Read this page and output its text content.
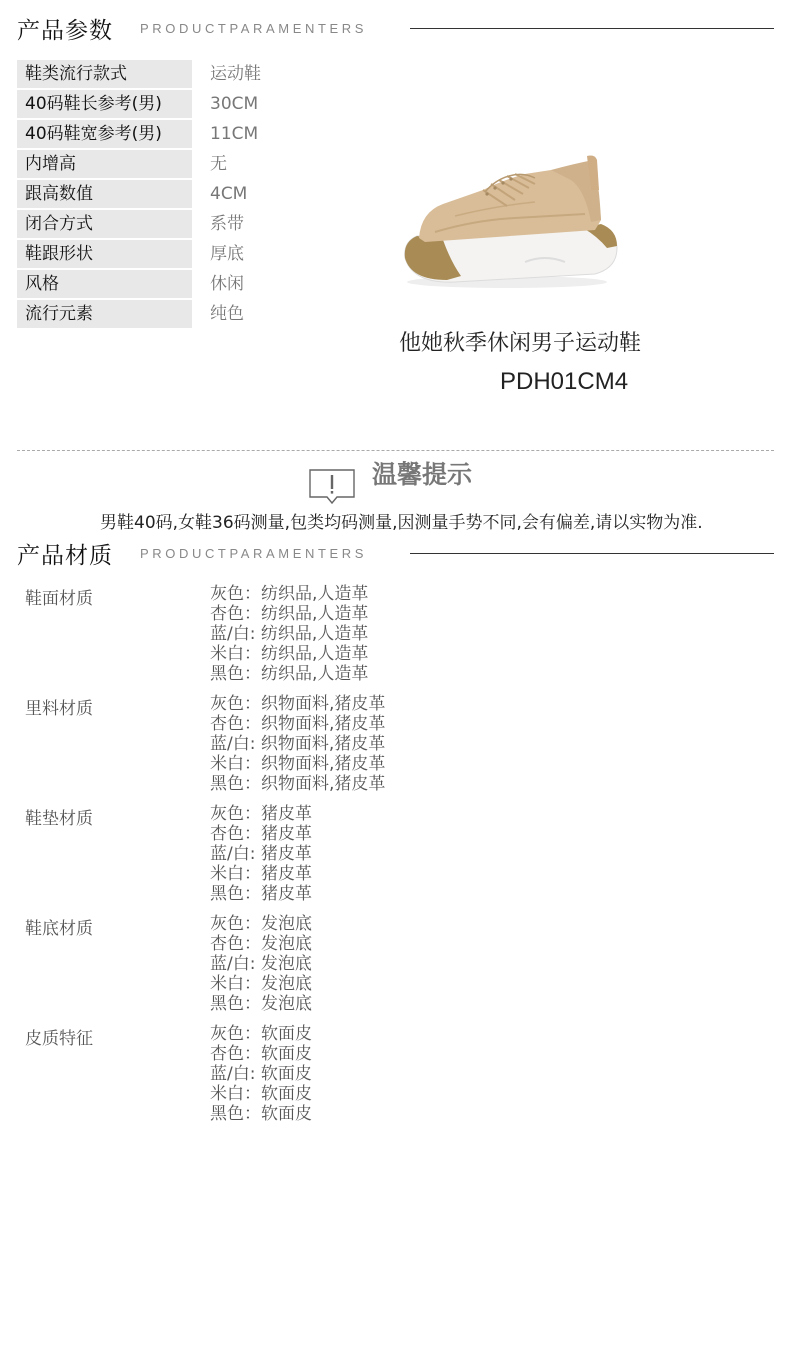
产品参数 PRODUCTPARAMENTERS
鞋类流行款式	运动鞋
40码鞋长参考(男)	30CM
40码鞋宽参考(男)	11CM
内增高	无
跟高数值	4CM
闭合方式	系带
鞋跟形状	厚底
风格	休闲
流行元素	纯色
他她秋季休闲男子运动鞋
PDH01CM4
温馨提示
男鞋40码,女鞋36码测量,包类均码测量,因测量手势不同,会有偏差,请以实物为准.
产品材质 PRODUCTPARAMENTERS
鞋面材质	灰色：纺织品,人造革
杏色：纺织品,人造革
蓝/白: 纺织品,人造革
米白：纺织品,人造革
黑色：纺织品,人造革
里料材质	灰色：织物面料,猪皮革
杏色：织物面料,猪皮革
蓝/白: 织物面料,猪皮革
米白：织物面料,猪皮革
黑色：织物面料,猪皮革
鞋垫材质	灰色：猪皮革
杏色：猪皮革
蓝/白: 猪皮革
米白：猪皮革
黑色：猪皮革
鞋底材质	灰色：发泡底
杏色：发泡底
蓝/白: 发泡底
米白：发泡底
黑色：发泡底
皮质特征	灰色：软面皮
杏色：软面皮
蓝/白: 软面皮
米白：软面皮
黑色：软面皮
